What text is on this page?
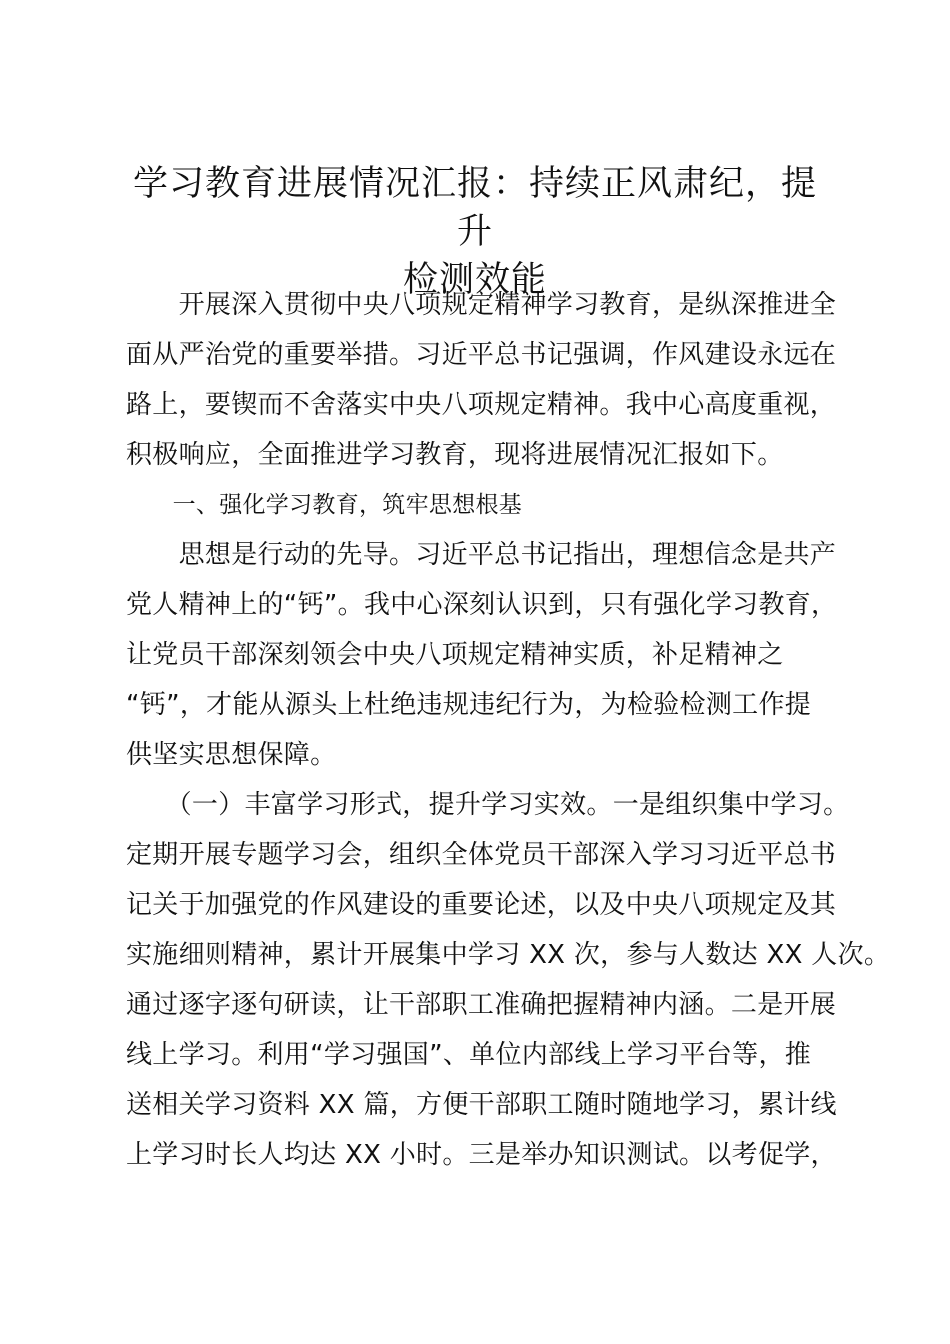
学习教育进展情况汇报：持续正风肃纪，提升
检测效能
　　开展深入贯彻中央八项规定精神学习教育，是纵深推进全
面从严治党的重要举措。习近平总书记强调，作风建设永远在
路上，要锲而不舍落实中央八项规定精神。我中心高度重视，
积极响应，全面推进学习教育，现将进展情况汇报如下。
　　一、强化学习教育，筑牢思想根基
　　思想是行动的先导。习近平总书记指出，理想信念是共产
党人精神上的“钙”。我中心深刻认识到，只有强化学习教育，
让党员干部深刻领会中央八项规定精神实质，补足精神之
“钙”，才能从源头上杜绝违规违纪行为，为检验检测工作提
供坚实思想保障。
　　（一）丰富学习形式，提升学习实效。一是组织集中学习。
定期开展专题学习会，组织全体党员干部深入学习习近平总书
记关于加强党的作风建设的重要论述，以及中央八项规定及其
实施细则精神，累计开展集中学习 XX 次，参与人数达 XX 人次。
通过逐字逐句研读，让干部职工准确把握精神内涵。二是开展
线上学习。利用“学习强国”、单位内部线上学习平台等，推
送相关学习资料 XX 篇，方便干部职工随时随地学习，累计线
上学习时长人均达 XX 小时。三是举办知识测试。以考促学，
